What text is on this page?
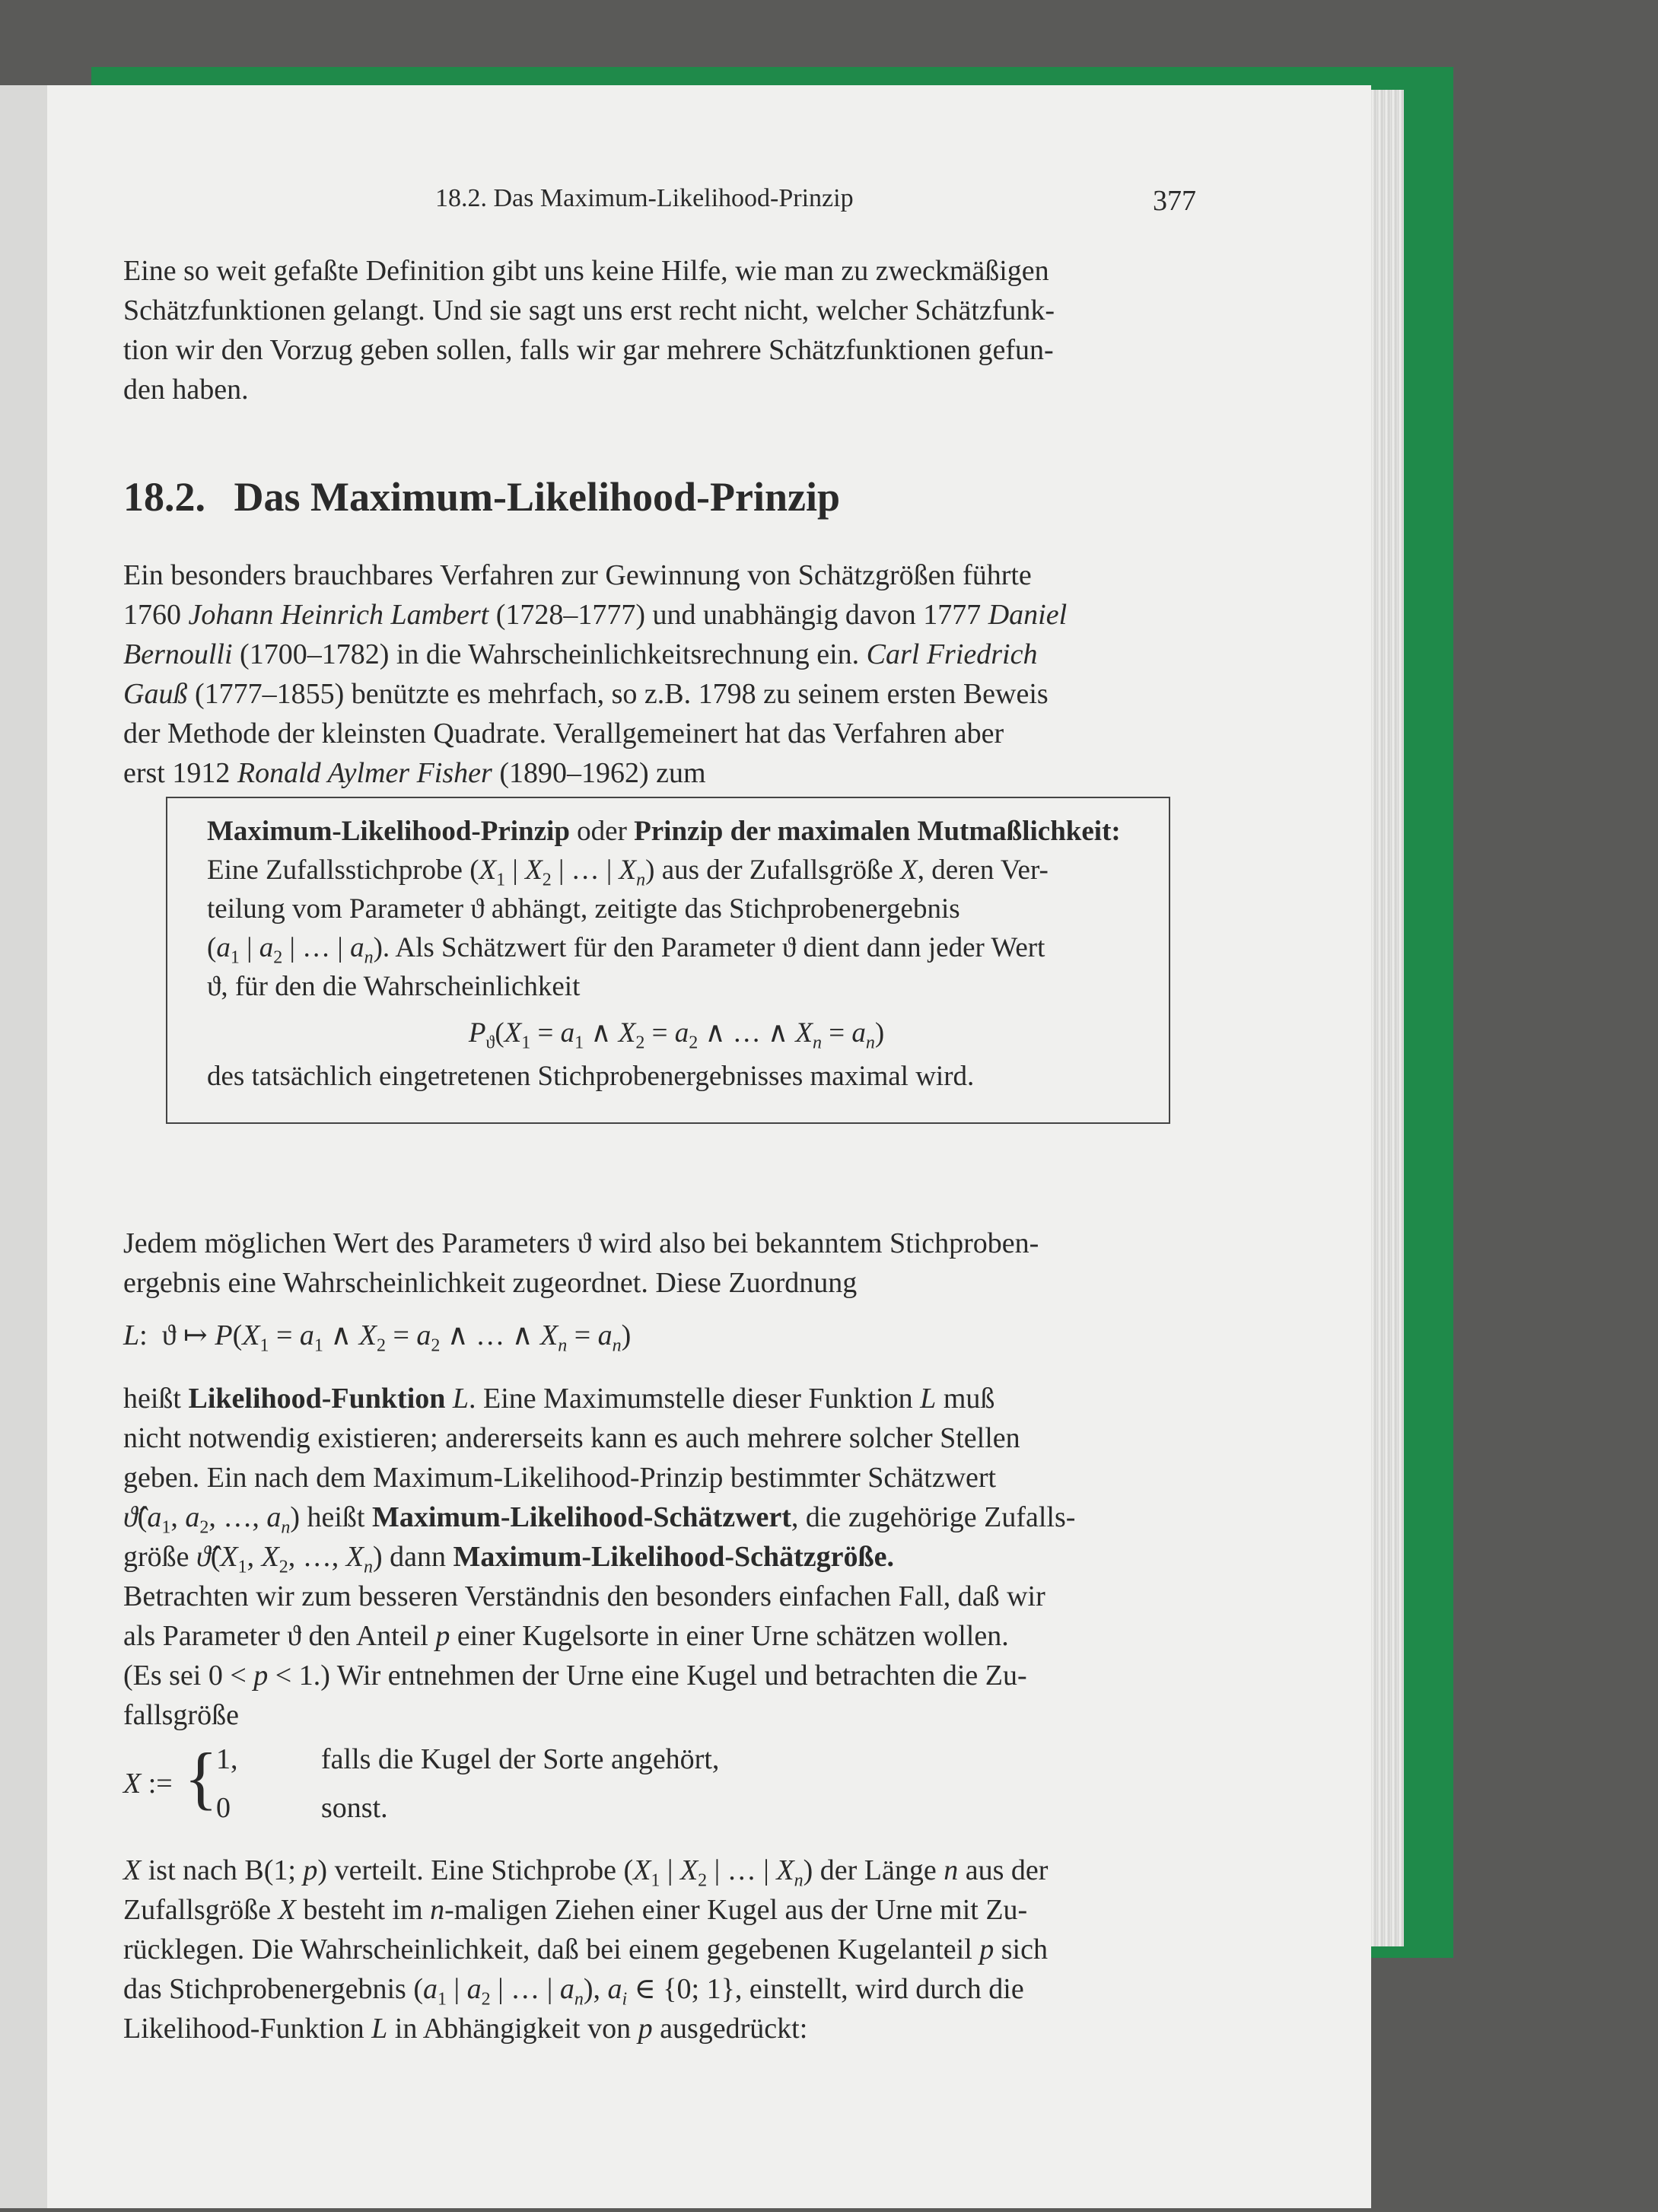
18.2. Das Maximum-Likelihood-Prinzip	377

Eine so weit gefaßte Definition gibt uns keine Hilfe, wie man zu zweckmäßigen

Schätzfunktionen gelangt. Und sie sagt uns erst recht nicht, welcher Schätzfunk-

tion wir den Vorzug geben sollen, falls wir gar mehrere Schätzfunktionen gefun-

den haben.

18.2. Das Maximum-Likelihood-Prinzip

Ein besonders brauchbares Verfahren zur Gewinnung von Schätzgrößen führte

1760 Johann Heinrich Lambert (1728–1777) und unabhängig davon 1777 Daniel

Bernoulli (1700–1782) in die Wahrscheinlichkeitsrechnung ein. Carl Friedrich

Gauß (1777–1855) benützte es mehrfach, so z.B. 1798 zu seinem ersten Beweis

der Methode der kleinsten Quadrate. Verallgemeinert hat das Verfahren aber

erst 1912 Ronald Aylmer Fisher (1890–1962) zum

Maximum-Likelihood-Prinzip oder Prinzip der maximalen Mutmaßlichkeit:

Eine Zufallsstichprobe ($X_1$ | $X_2$ | … | $X_n$) aus der Zufallsgröße X, deren Ver-

teilung vom Parameter ϑ abhängt, zeitigte das Stichprobenergebnis

($a_1$ | $a_2$ | … | $a_n$). Als Schätzwert für den Parameter ϑ dient dann jeder Wert

ϑ, für den die Wahrscheinlichkeit

$P_ϑ(X_1 = a_1$ ∧ $X_2 = a_2$ ∧ … ∧ $X_n = a_n$)

des tatsächlich eingetretenen Stichprobenergebnisses maximal wird.

Jedem möglichen Wert des Parameters ϑ wird also bei bekanntem Stichproben-

ergebnis eine Wahrscheinlichkeit zugeordnet. Diese Zuordnung

L:  ϑ ↦ $P(X_1 = a_1$ ∧ $X_2 = a_2$ ∧ … ∧ $X_n = a_n$)

heißt Likelihood-Funktion L. Eine Maximumstelle dieser Funktion L muß

nicht notwendig existieren; andererseits kann es auch mehrere solcher Stellen

geben. Ein nach dem Maximum-Likelihood-Prinzip bestimmter Schätzwert

$ϑ̂(a_1$, $a_2$, …, $a_n$) heißt Maximum-Likelihood-Schätzwert, die zugehörige Zufalls-

größe $ϑ̂(X_1$, $X_2$, …, $X_n$) dann Maximum-Likelihood-Schätzgröße.

Betrachten wir zum besseren Verständnis den besonders einfachen Fall, daß wir

als Parameter ϑ den Anteil p einer Kugelsorte in einer Urne schätzen wollen.

(Es sei 0 < p < 1.) Wir entnehmen der Urne eine Kugel und betrachten die Zu-

fallsgröße

X := {
1,	falls die Kugel der Sorte angehört,
0	sonst.

X ist nach B(1; p) verteilt. Eine Stichprobe ($X_1$ | $X_2$ | … | $X_n$) der Länge n aus der

Zufallsgröße X besteht im n-maligen Ziehen einer Kugel aus der Urne mit Zu-

rücklegen. Die Wahrscheinlichkeit, daß bei einem gegebenen Kugelanteil p sich

das Stichprobenergebnis ($a_1$ | $a_2$ | … | $a_n$), $a_i$ ∈ {0; 1}, einstellt, wird durch die

Likelihood-Funktion L in Abhängigkeit von p ausgedrückt:
